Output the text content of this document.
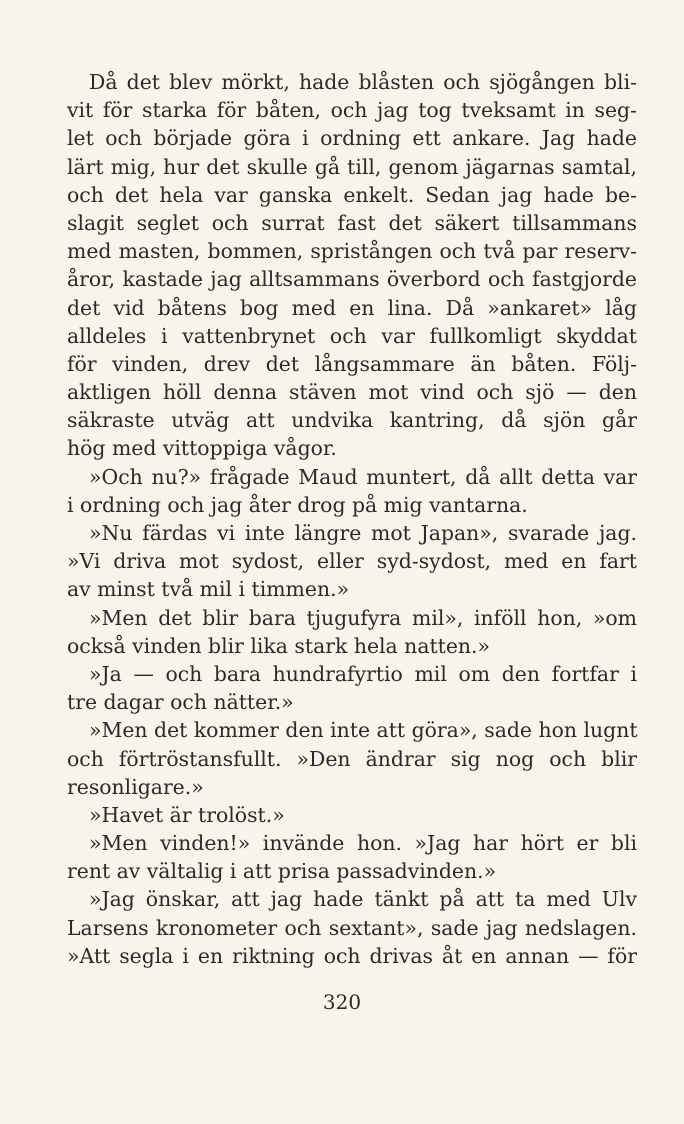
Då det blev mörkt, hade blåsten och sjögången bli-
vit för starka för båten, och jag tog tveksamt in seg-
let och började göra i ordning ett ankare. Jag hade
lärt mig, hur det skulle gå till, genom jägarnas samtal,
och det hela var ganska enkelt. Sedan jag hade be-
slagit seglet och surrat fast det säkert tillsammans
med masten, bommen, spristången och två par reserv-
åror, kastade jag alltsammans överbord och fastgjorde
det vid båtens bog med en lina. Då »ankaret» låg
alldeles i vattenbrynet och var fullkomligt skyddat
för vinden, drev det långsammare än båten. Följ-
aktligen höll denna stäven mot vind och sjö — den
säkraste utväg att undvika kantring, då sjön går
hög med vittoppiga vågor.
»Och nu?» frågade Maud muntert, då allt detta var
i ordning och jag åter drog på mig vantarna.
»Nu färdas vi inte längre mot Japan», svarade jag.
»Vi driva mot sydost, eller syd-sydost, med en fart
av minst två mil i timmen.»
»Men det blir bara tjugufyra mil», inföll hon, »om
också vinden blir lika stark hela natten.»
»Ja — och bara hundrafyrtio mil om den fortfar i
tre dagar och nätter.»
»Men det kommer den inte att göra», sade hon lugnt
och förtröstansfullt. »Den ändrar sig nog och blir
resonligare.»
»Havet är trolöst.»
»Men vinden!» invände hon. »Jag har hört er bli
rent av vältalig i att prisa passadvinden.»
»Jag önskar, att jag hade tänkt på att ta med Ulv
Larsens kronometer och sextant», sade jag nedslagen.
»Att segla i en riktning och drivas åt en annan — för
320
